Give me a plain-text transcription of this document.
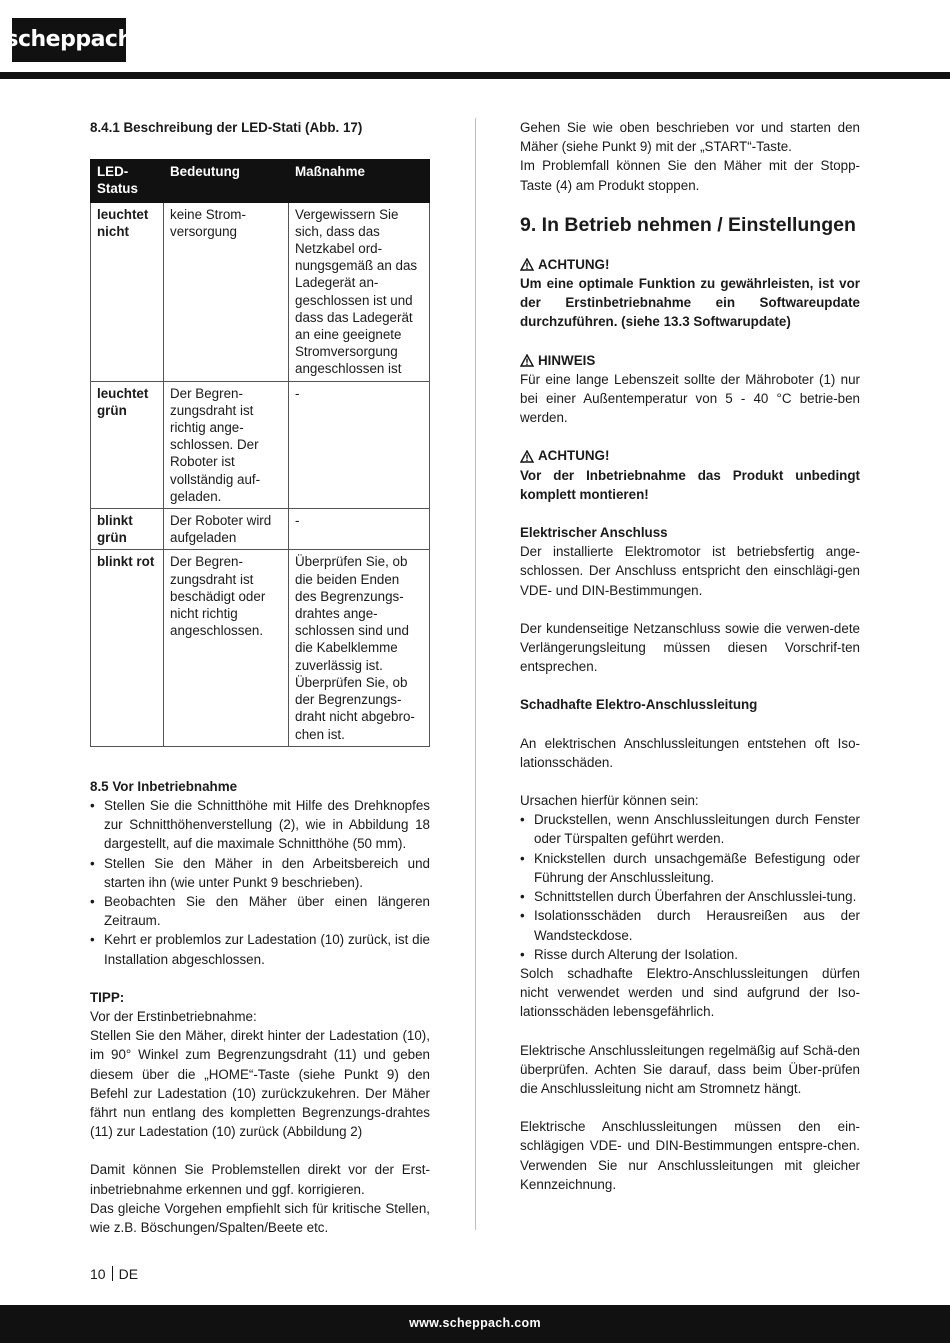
scheppach

8.4.1 Beschreibung der LED-Stati (Abb. 17)

LED-
Status	Bedeutung	Maßnahme
leuchtet nicht	keine Strom-versorgung	Vergewissern Sie sich, dass das Netzkabel ord-nungsgemäß an das Ladegerät an-geschlossen ist und dass das Ladegerät an eine geeignete Stromversorgung angeschlossen ist
leuchtet grün	Der Begren-zungsdraht ist richtig ange-schlossen. Der Roboter ist vollständig auf-geladen.	-
blinkt grün	Der Roboter wird aufgeladen	-
blinkt rot	Der Begren-zungsdraht ist beschädigt oder nicht richtig angeschlossen.	Überprüfen Sie, ob die beiden Enden des Begrenzungs-drahtes ange-schlossen sind und die Kabelklemme zuverlässig ist. Überprüfen Sie, ob der Begrenzungs-draht nicht abgebro-chen ist.

8.5 Vor Inbetriebnahme

• Stellen Sie die Schnitthöhe mit Hilfe des Drehknopfes zur Schnitthöhenverstellung (2), wie in Abbildung 18 dargestellt, auf die maximale Schnitthöhe (50 mm).
• Stellen Sie den Mäher in den Arbeitsbereich und starten ihn (wie unter Punkt 9 beschrieben).
• Beobachten Sie den Mäher über einen längeren Zeitraum.
• Kehrt er problemlos zur Ladestation (10) zurück, ist die Installation abgeschlossen.

TIPP:

Vor der Erstinbetriebnahme:

Stellen Sie den Mäher, direkt hinter der Ladestation (10), im 90° Winkel zum Begrenzungsdraht (11) und geben diesem über die „HOME“-Taste (siehe Punkt 9) den Befehl zur Ladestation (10) zurückzukehren. Der Mäher fährt nun entlang des kompletten Begrenzungs-drahtes (11) zur Ladestation (10) zurück (Abbildung 2)

Damit können Sie Problemstellen direkt vor der Erst-inbetriebnahme erkennen und ggf. korrigieren.

Das gleiche Vorgehen empfiehlt sich für kritische Stellen, wie z.B. Böschungen/Spalten/Beete etc.

Gehen Sie wie oben beschrieben vor und starten den Mäher (siehe Punkt 9) mit der „START“-Taste.

Im Problemfall können Sie den Mäher mit der Stopp-Taste (4) am Produkt stoppen.

9. In Betrieb nehmen / Einstellungen

ACHTUNG!

Um eine optimale Funktion zu gewährleisten, ist vor der Erstinbetriebnahme ein Softwareupdate durchzuführen. (siehe 13.3 Softwarupdate)

HINWEIS

Für eine lange Lebenszeit sollte der Mähroboter (1) nur bei einer Außentemperatur von 5 - 40 °C betrie-ben werden.

ACHTUNG!

Vor der Inbetriebnahme das Produkt unbedingt komplett montieren!

Elektrischer Anschluss

Der installierte Elektromotor ist betriebsfertig ange-schlossen. Der Anschluss entspricht den einschlägi-gen VDE- und DIN-Bestimmungen.

Der kundenseitige Netzanschluss sowie die verwen-dete Verlängerungsleitung müssen diesen Vorschrif-ten entsprechen.

Schadhafte Elektro-Anschlussleitung

An elektrischen Anschlussleitungen entstehen oft Iso-lationsschäden.

Ursachen hierfür können sein:

• Druckstellen, wenn Anschlussleitungen durch Fenster oder Türspalten geführt werden.
• Knickstellen durch unsachgemäße Befestigung oder Führung der Anschlussleitung.
• Schnittstellen durch Überfahren der Anschlusslei-tung.
• Isolationsschäden durch Herausreißen aus der Wandsteckdose.
• Risse durch Alterung der Isolation.

Solch schadhafte Elektro-Anschlussleitungen dürfen nicht verwendet werden und sind aufgrund der Iso-lationsschäden lebensgefährlich.

Elektrische Anschlussleitungen regelmäßig auf Schä-den überprüfen. Achten Sie darauf, dass beim Über-prüfen die Anschlussleitung nicht am Stromnetz hängt.

Elektrische Anschlussleitungen müssen den ein-schlägigen VDE- und DIN-Bestimmungen entspre-chen. Verwenden Sie nur Anschlussleitungen mit gleicher Kennzeichnung.

10 DE
www.scheppach.com
